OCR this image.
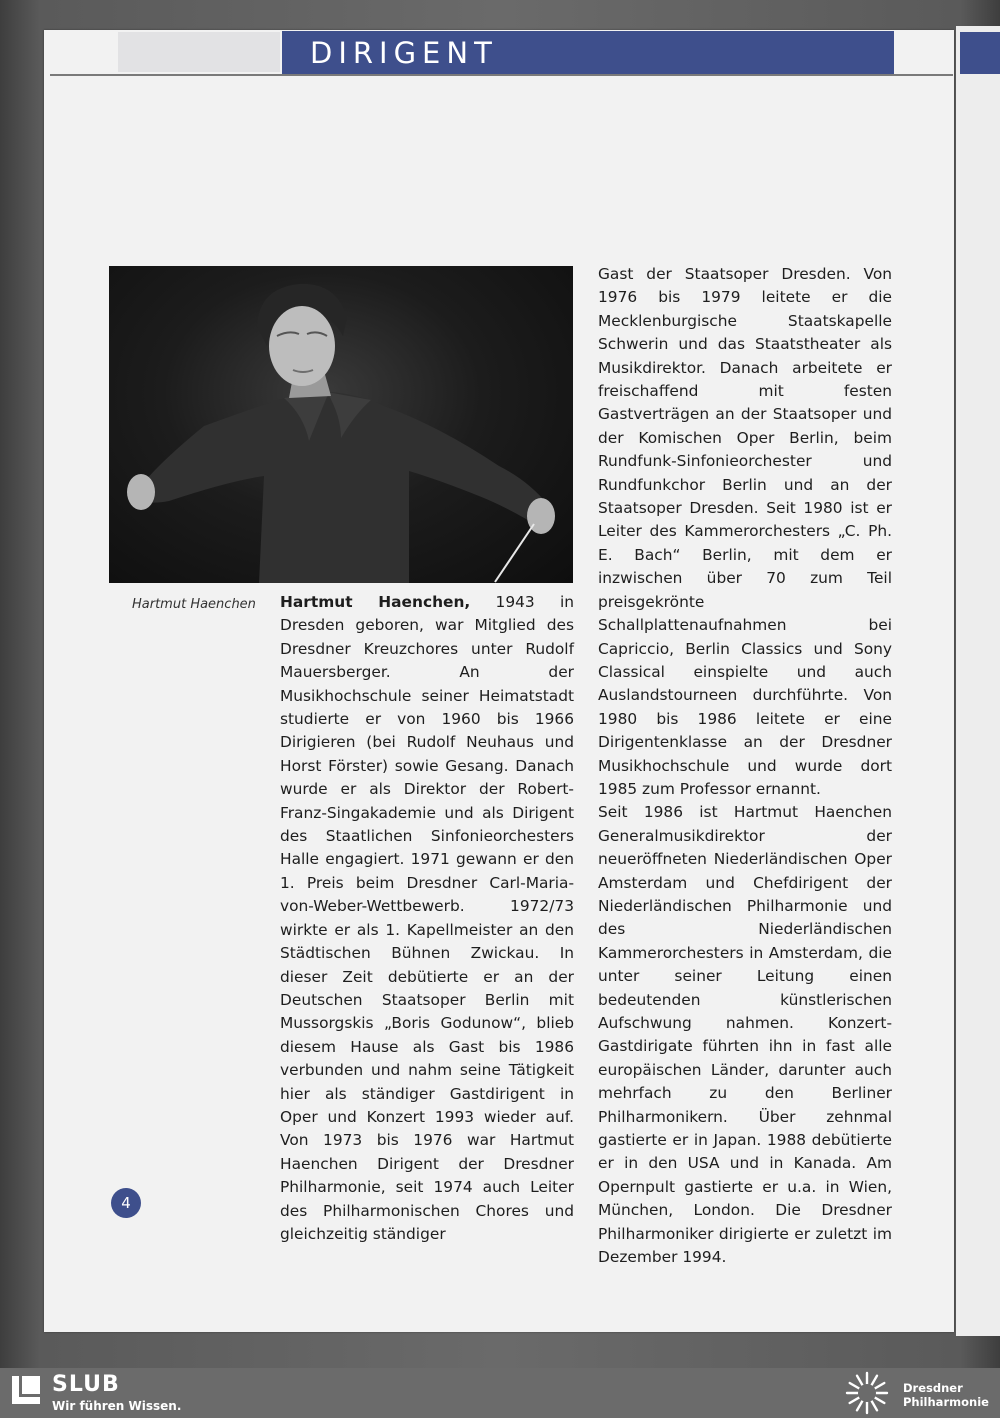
DIRIGENT
Hartmut Haenchen Hartmut Haenchen, 1943 in Dresden geboren, war Mitglied des Dresdner Kreuzchores unter Rudolf Mauersberger. An der Musikhochschule seiner Heimatstadt studierte er von 1960 bis 1966 Dirigieren (bei Rudolf Neuhaus und Horst Förster) sowie Gesang. Danach wurde er als Direktor der Robert-Franz-Singakademie und als Dirigent des Staatlichen Sinfonieorchesters Halle engagiert. 1971 gewann er den 1. Preis beim Dresdner Carl-Maria-von-Weber-Wettbewerb. 1972/73 wirkte er als 1. Kapellmeister an den Städtischen Bühnen Zwickau. In dieser Zeit debütierte er an der Deutschen Staatsoper Berlin mit Mussorgskis „Boris Godunow“, blieb diesem Hause als Gast bis 1986 verbunden und nahm seine Tätigkeit hier als ständiger Gastdirigent in Oper und Konzert 1993 wieder auf. Von 1973 bis 1976 war Hartmut Haenchen Dirigent der Dresdner Philharmonie, seit 1974 auch Leiter des Philharmonischen Chores und gleichzeitig ständiger

Gast der Staatsoper Dresden. Von 1976 bis 1979 leitete er die Mecklenburgische Staatskapelle Schwerin und das Staatstheater als Musikdirektor. Danach arbeitete er freischaffend mit festen Gastverträgen an der Staatsoper und der Komischen Oper Berlin, beim Rundfunk-Sinfonieorchester und Rundfunkchor Berlin und an der Staatsoper Dresden. Seit 1980 ist er Leiter des Kammerorchesters „C. Ph. E. Bach“ Berlin, mit dem er inzwischen über 70 zum Teil preisgekrönte Schallplattenaufnahmen bei Capriccio, Berlin Classics und Sony Classical einspielte und auch Auslandstourneen durchführte. Von 1980 bis 1986 leitete er eine Dirigentenklasse an der Dresdner Musikhochschule und wurde dort 1985 zum Professor ernannt.

Seit 1986 ist Hartmut Haenchen Generalmusikdirektor der neueröffneten Niederländischen Oper Amsterdam und Chefdirigent der Niederländischen Philharmonie und des Niederländischen Kammerorchesters in Amsterdam, die unter seiner Leitung einen bedeutenden künstlerischen Aufschwung nahmen. Konzert-Gastdirigate führten ihn in fast alle europäischen Länder, darunter auch mehrfach zu den Berliner Philharmonikern. Über zehnmal gastierte er in Japan. 1988 debütierte er in den USA und in Kanada. Am Opernpult gastierte er u.a. in Wien, München, London. Die Dresdner Philharmoniker dirigierte er zuletzt im Dezember 1994.

4
SLUB
Wir führen Wissen.
Dresdner
Philharmonie
